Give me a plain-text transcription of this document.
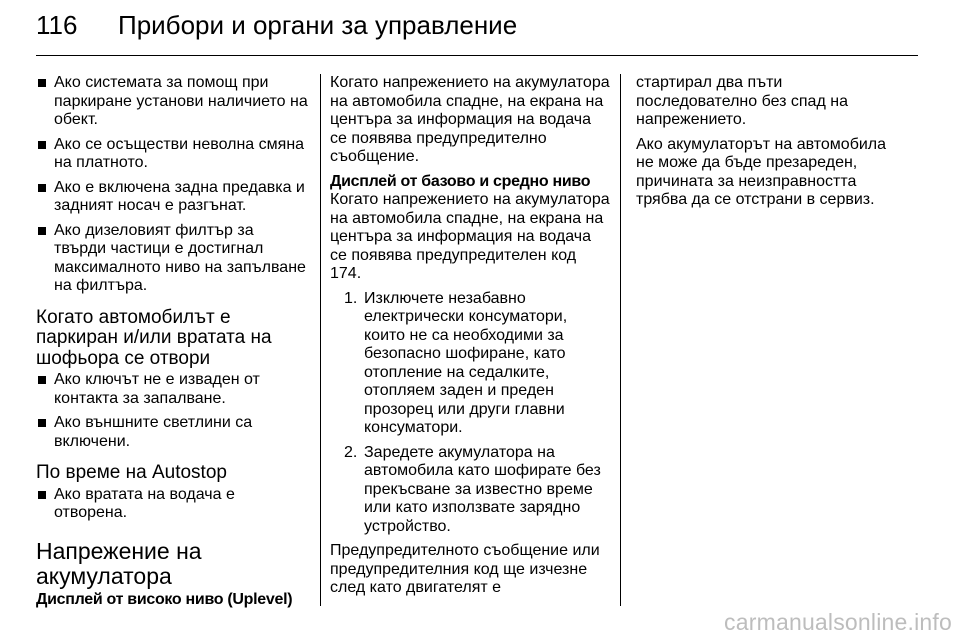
116 Прибори и органи за управление
Ако системата за помощ при паркиране установи наличието на обект.
Ако се осъществи неволна смяна на платното.
Ако е включена задна предавка и задният носач е разгънат.
Ако дизеловият филтър за твърди частици е достигнал максималното ниво на запълване на филтъра.
Когато автомобилът е паркиран и/или вратата на шофьора се отвори
Ако ключът не е изваден от контакта за запалване.
Ако външните светлини са включени.
По време на Autostop
Ако вратата на водача е отворена.
Напрежение на акумулатора

Дисплей от високо ниво (Uplevel)

Когато напрежението на акумулатора на автомобила спадне, на екрана на центъра за информация на водача се появява предупредително съобщение.

Дисплей от базово и средно ниво

Когато напрежението на акумулатора на автомобила спадне, на екрана на центъра за информация на водача се появява предупредителен код 174.

1. Изключете незабавно електрически консуматори, които не са необходими за безопасно шофиране, като отопление на седалките, отопляем заден и преден прозорец или други главни консуматори.
2. Заредете акумулатора на автомобила като шофирате без прекъсване за известно време или като използвате зарядно устройство.

Предупредителното съобщение или предупредителния код ще изчезне след като двигателят е

стартирал два пъти последователно без спад на напрежението.

Ако акумулаторът на автомобила не може да бъде презареден, причината за неизправността трябва да се отстрани в сервиз.

carmanualsonline.info
